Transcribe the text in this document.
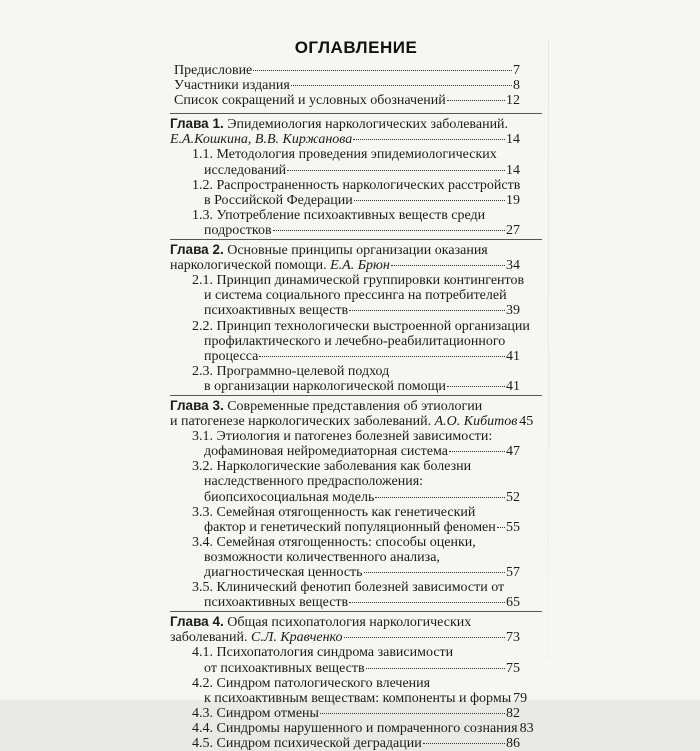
ОГЛАВЛЕНИЕ
Предисловие	7
Участники издания	8
Список сокращений и условных обозначений	12
Глава 1. Эпидемиология наркологических заболеваний.
Е.А.Кошкина, В.В. Киржанова	14
1.1. Методология проведения эпидемиологических
исследований	14
1.2. Распространенность наркологических расстройств
в Российской Федерации	19
1.3. Употребление психоактивных веществ среди
подростков	27
Глава 2. Основные принципы организации оказания
наркологической помощи.
Е.А. Брюн	34
2.1. Принцип динамической группировки контингентов
и система социального прессинга на потребителей
психоактивных веществ	39
2.2. Принцип технологически выстроенной организации
профилактического и лечебно-реабилитационного
процесса	41
2.3. Программно-целевой подход
в организации наркологической помощи	41
Глава 3. Современные представления об этиологии
и патогенезе наркологических заболеваний.
А.О. Кибитов 45
3.1. Этиология и патогенез болезней зависимости:
дофаминовая нейромедиаторная система	47
3.2. Наркологические заболевания как болезни
наследственного предрасположения:
биопсихосоциальная модель	52
3.3. Семейная отягощенность как генетический
фактор и генетический популяционный феномен 55
3.4. Семейная отягощенность: способы оценки,
возможности количественного анализа,
диагностическая ценность	57
3.5. Клинический фенотип болезней зависимости от
психоактивных веществ	65
Глава 4. Общая психопатология наркологических
заболеваний.
С.Л. Кравченко	73
4.1. Психопатология синдрома зависимости
от психоактивных веществ	75
4.2. Синдром патологического влечения
к психоактивным веществам: компоненты и формы 79
4.3. Синдром отмены	82
4.4. Синдромы нарушенного и помраченного сознания 83
4.5. Синдром психической деградации	86
